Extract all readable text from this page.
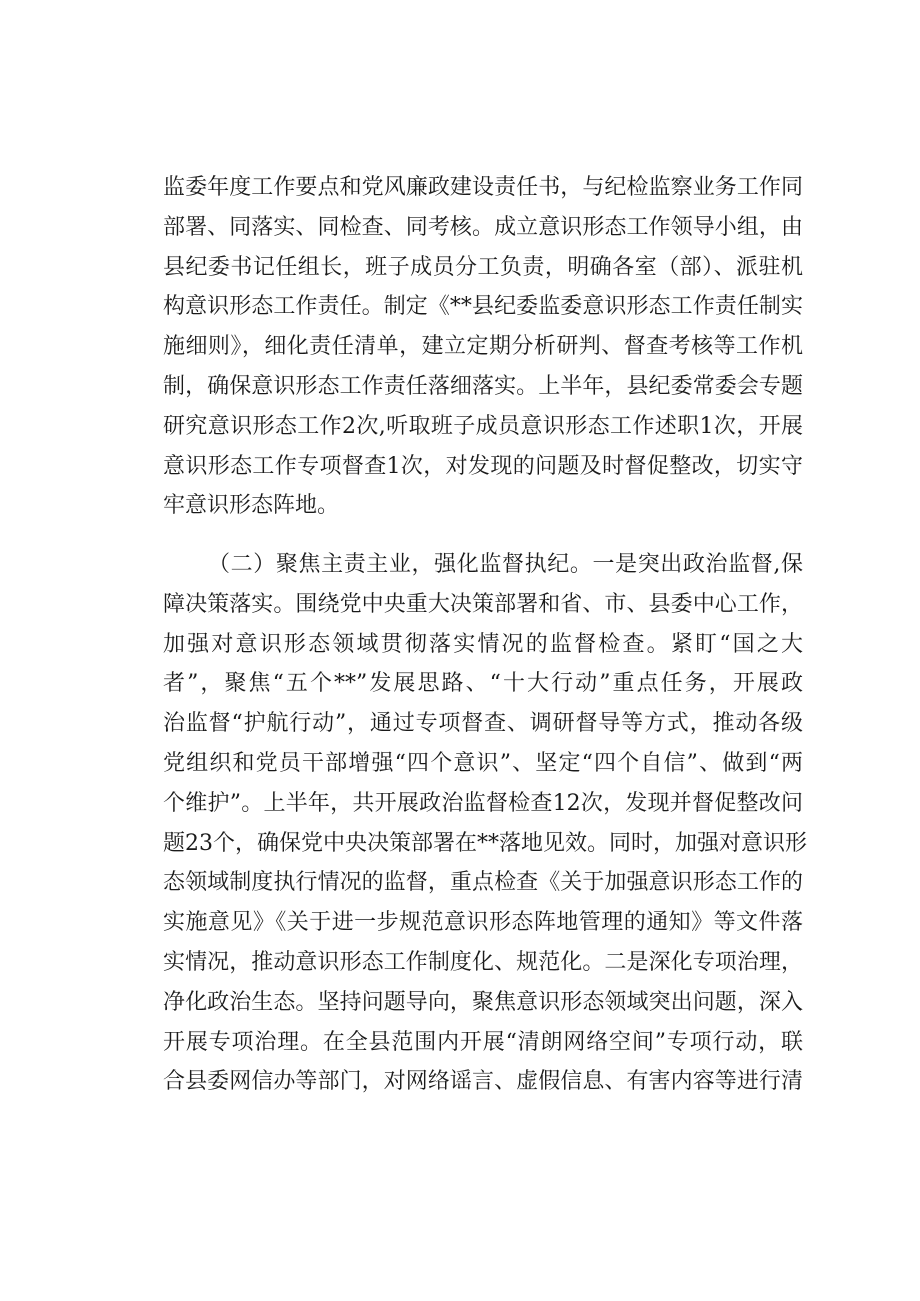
监委年度工作要点和党风廉政建设责任书，与纪检监察业务工作同
部署、同落实、同检查、同考核。成立意识形态工作领导小组，由
县纪委书记任组长，班子成员分工负责，明确各室（部）、派驻机
构意识形态工作责任。制定《**县纪委监委意识形态工作责任制实
施细则》，细化责任清单，建立定期分析研判、督查考核等工作机
制，确保意识形态工作责任落细落实。上半年，县纪委常委会专题
研究意识形态工作2次,听取班子成员意识形态工作述职1次，开展
意识形态工作专项督查1次，对发现的问题及时督促整改，切实守
牢意识形态阵地。
（二）聚焦主责主业，强化监督执纪。一是突出政治监督,保
障决策落实。围绕党中央重大决策部署和省、市、县委中心工作，
加强对意识形态领域贯彻落实情况的监督检查。紧盯“国之大
者”，聚焦“五个**”发展思路、“十大行动”重点任务，开展政
治监督“护航行动”，通过专项督查、调研督导等方式，推动各级
党组织和党员干部增强“四个意识”、坚定“四个自信”、做到“两
个维护”。上半年，共开展政治监督检查12次，发现并督促整改问
题23个，确保党中央决策部署在**落地见效。同时，加强对意识形
态领域制度执行情况的监督，重点检查《关于加强意识形态工作的
实施意见》《关于进一步规范意识形态阵地管理的通知》等文件落
实情况，推动意识形态工作制度化、规范化。二是深化专项治理，
净化政治生态。坚持问题导向，聚焦意识形态领域突出问题，深入
开展专项治理。在全县范围内开展“清朗网络空间”专项行动，联
合县委网信办等部门，对网络谣言、虚假信息、有害内容等进行清
